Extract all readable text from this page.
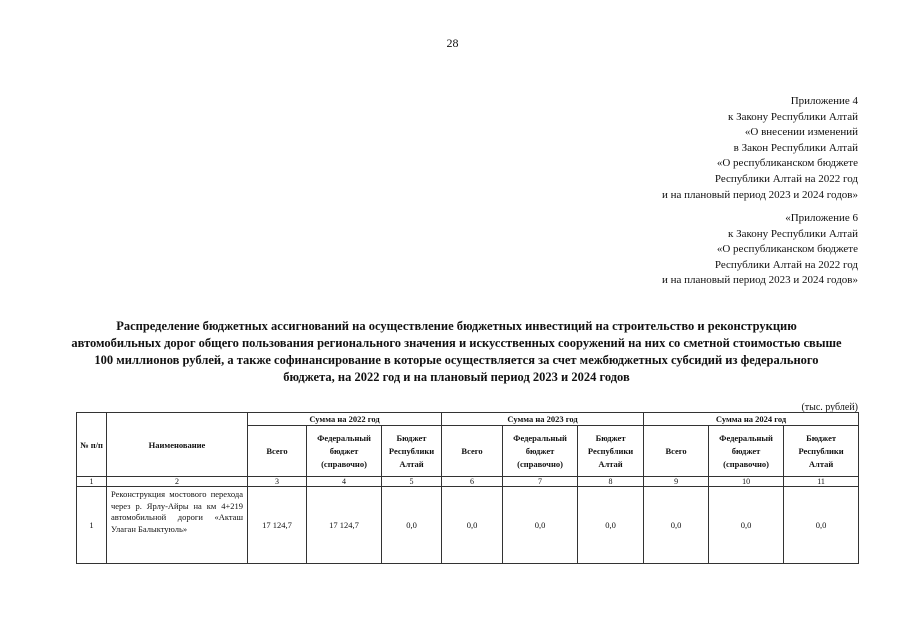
28
Приложение 4
к Закону Республики Алтай
«О внесении изменений
в Закон Республики Алтай
«О республиканском бюджете
Республики Алтай на 2022 год
и на плановый период 2023 и 2024 годов»
«Приложение 6
к Закону Республики Алтай
«О республиканском бюджете
Республики Алтай на 2022 год
и на плановый период 2023 и 2024 годов»
Распределение бюджетных ассигнований на осуществление бюджетных инвестиций на строительство и реконструкцию автомобильных дорог общего пользования регионального значения и искусственных сооружений на них со сметной стоимостью свыше 100 миллионов рублей, а также софинансирование в которые осуществляется за счет межбюджетных субсидий из федерального бюджета, на 2022 год и на плановый период 2023 и 2024 годов
(тыс. рублей)
№ п/п	Наименование	Сумма на 2022 год			Сумма на 2023 год			Сумма на 2024 год		
		Всего	Федеральный бюджет (справочно)	Бюджет Республики Алтай	Всего	Федеральный бюджет (справочно)	Бюджет Республики Алтай	Всего	Федеральный бюджет (справочно)	Бюджет Республики Алтай
1	2	3	4	5	6	7	8	9	10	11
1	Реконструкция мостового перехода через р. Ярлу-Айры на км 4+219 автомобильной дороги «Акташ Улаган Балыктуюль»	17 124,7	17 124,7	0,0	0,0	0,0	0,0	0,0	0,0	0,0
